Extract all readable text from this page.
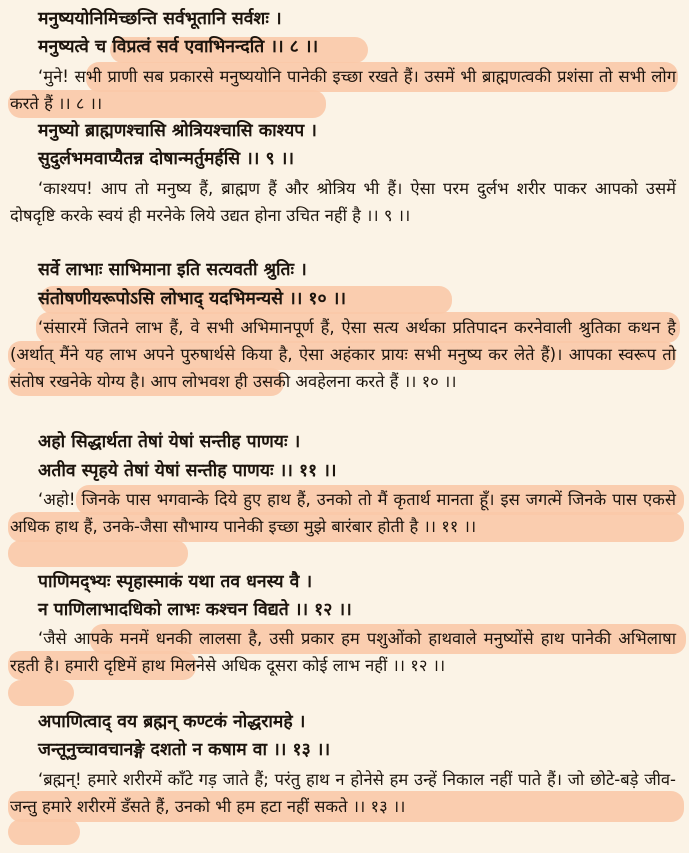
मनुष्ययोनिमिच्छन्ति सर्वभूतानि सर्वशः ।
मनुष्यत्वे च विप्रत्वं सर्व एवाभिनन्दति ।। ८ ।।
‘मुने! सभी प्राणी सब प्रकारसे मनुष्ययोनि पानेकी इच्छा रखते हैं। उसमें भी ब्राह्मणत्वकी प्रशंसा तो सभी लोग करते हैं ।। ८ ।।
मनुष्यो ब्राह्मणश्चासि श्रोत्रियश्चासि काश्यप ।
सुदुर्लभमवाप्यैतन्न दोषान्मर्तुमर्हसि ।। ९ ।।
‘काश्यप! आप तो मनुष्य हैं, ब्राह्मण हैं और श्रोत्रिय भी हैं। ऐसा परम दुर्लभ शरीर पाकर आपको उसमें दोषदृष्टि करके स्वयं ही मरनेके लिये उद्यत होना उचित नहीं है ।। ९ ।।
सर्वे लाभाः साभिमाना इति सत्यवती श्रुतिः ।
संतोषणीयरूपोऽसि लोभाद् यदभिमन्यसे ।। १० ।।
‘संसारमें जितने लाभ हैं, वे सभी अभिमानपूर्ण हैं, ऐसा सत्य अर्थका प्रतिपादन करनेवाली श्रुतिका कथन है (अर्थात् मैंने यह लाभ अपने पुरुषार्थसे किया है, ऐसा अहंकार प्रायः सभी मनुष्य कर लेते हैं)। आपका स्वरूप तो संतोष रखनेके योग्य है। आप लोभवश ही उसकी अवहेलना करते हैं ।। १० ।।
अहो सिद्धार्थता तेषां येषां सन्तीह पाणयः ।
अतीव स्पृहये तेषां येषां सन्तीह पाणयः ।। ११ ।।
‘अहो! जिनके पास भगवान्के दिये हुए हाथ हैं, उनको तो मैं कृतार्थ मानता हूँ। इस जगत्में जिनके पास एकसे अधिक हाथ हैं, उनके-जैसा सौभाग्य पानेकी इच्छा मुझे बारंबार होती है ।। ११ ।।
पाणिमद्भ्यः स्पृहास्माकं यथा तव धनस्य वै ।
न पाणिलाभादधिको लाभः कश्चन विद्यते ।। १२ ।।
‘जैसे आपके मनमें धनकी लालसा है, उसी प्रकार हम पशुओंको हाथवाले मनुष्योंसे हाथ पानेकी अभिलाषा रहती है। हमारी दृष्टिमें हाथ मिलनेसे अधिक दूसरा कोई लाभ नहीं ।। १२ ।।
अपाणित्वाद् वय ब्रह्मन् कण्टकं नोद्धरामहे ।
जन्तूनुच्चावचानङ्गे दशतो न कषाम वा ।। १३ ।।
‘ब्रह्मन्! हमारे शरीरमें काँटे गड़ जाते हैं; परंतु हाथ न होनेसे हम उन्हें निकाल नहीं पाते हैं। जो छोटे-बड़े जीव-जन्तु हमारे शरीरमें डँसते हैं, उनको भी हम हटा नहीं सकते ।। १३ ।।
